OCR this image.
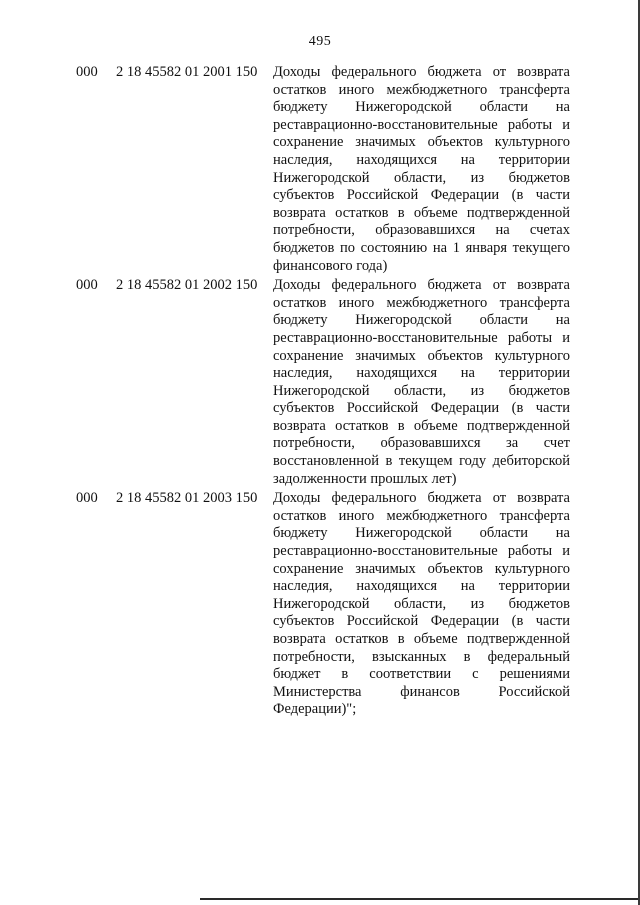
495
000 2 18 45582 01 2001 150 Доходы федерального бюджета от возврата остатков иного межбюджетного трансферта бюджету Нижегородской области на реставрационно-восстановительные работы и сохранение значимых объектов культурного наследия, находящихся на территории Нижегородской области, из бюджетов субъектов Российской Федерации (в части возврата остатков в объеме подтвержденной потребности, образовавшихся на счетах бюджетов по состоянию на 1 января текущего финансового года)
000 2 18 45582 01 2002 150 Доходы федерального бюджета от возврата остатков иного межбюджетного трансферта бюджету Нижегородской области на реставрационно-восстановительные работы и сохранение значимых объектов культурного наследия, находящихся на территории Нижегородской области, из бюджетов субъектов Российской Федерации (в части возврата остатков в объеме подтвержденной потребности, образовавшихся за счет восстановленной в текущем году дебиторской задолженности прошлых лет)
000 2 18 45582 01 2003 150 Доходы федерального бюджета от возврата остатков иного межбюджетного трансферта бюджету Нижегородской области на реставрационно-восстановительные работы и сохранение значимых объектов культурного наследия, находящихся на территории Нижегородской области, из бюджетов субъектов Российской Федерации (в части возврата остатков в объеме подтвержденной потребности, взысканных в федеральный бюджет в соответствии с решениями Министерства финансов Российской Федерации)";
